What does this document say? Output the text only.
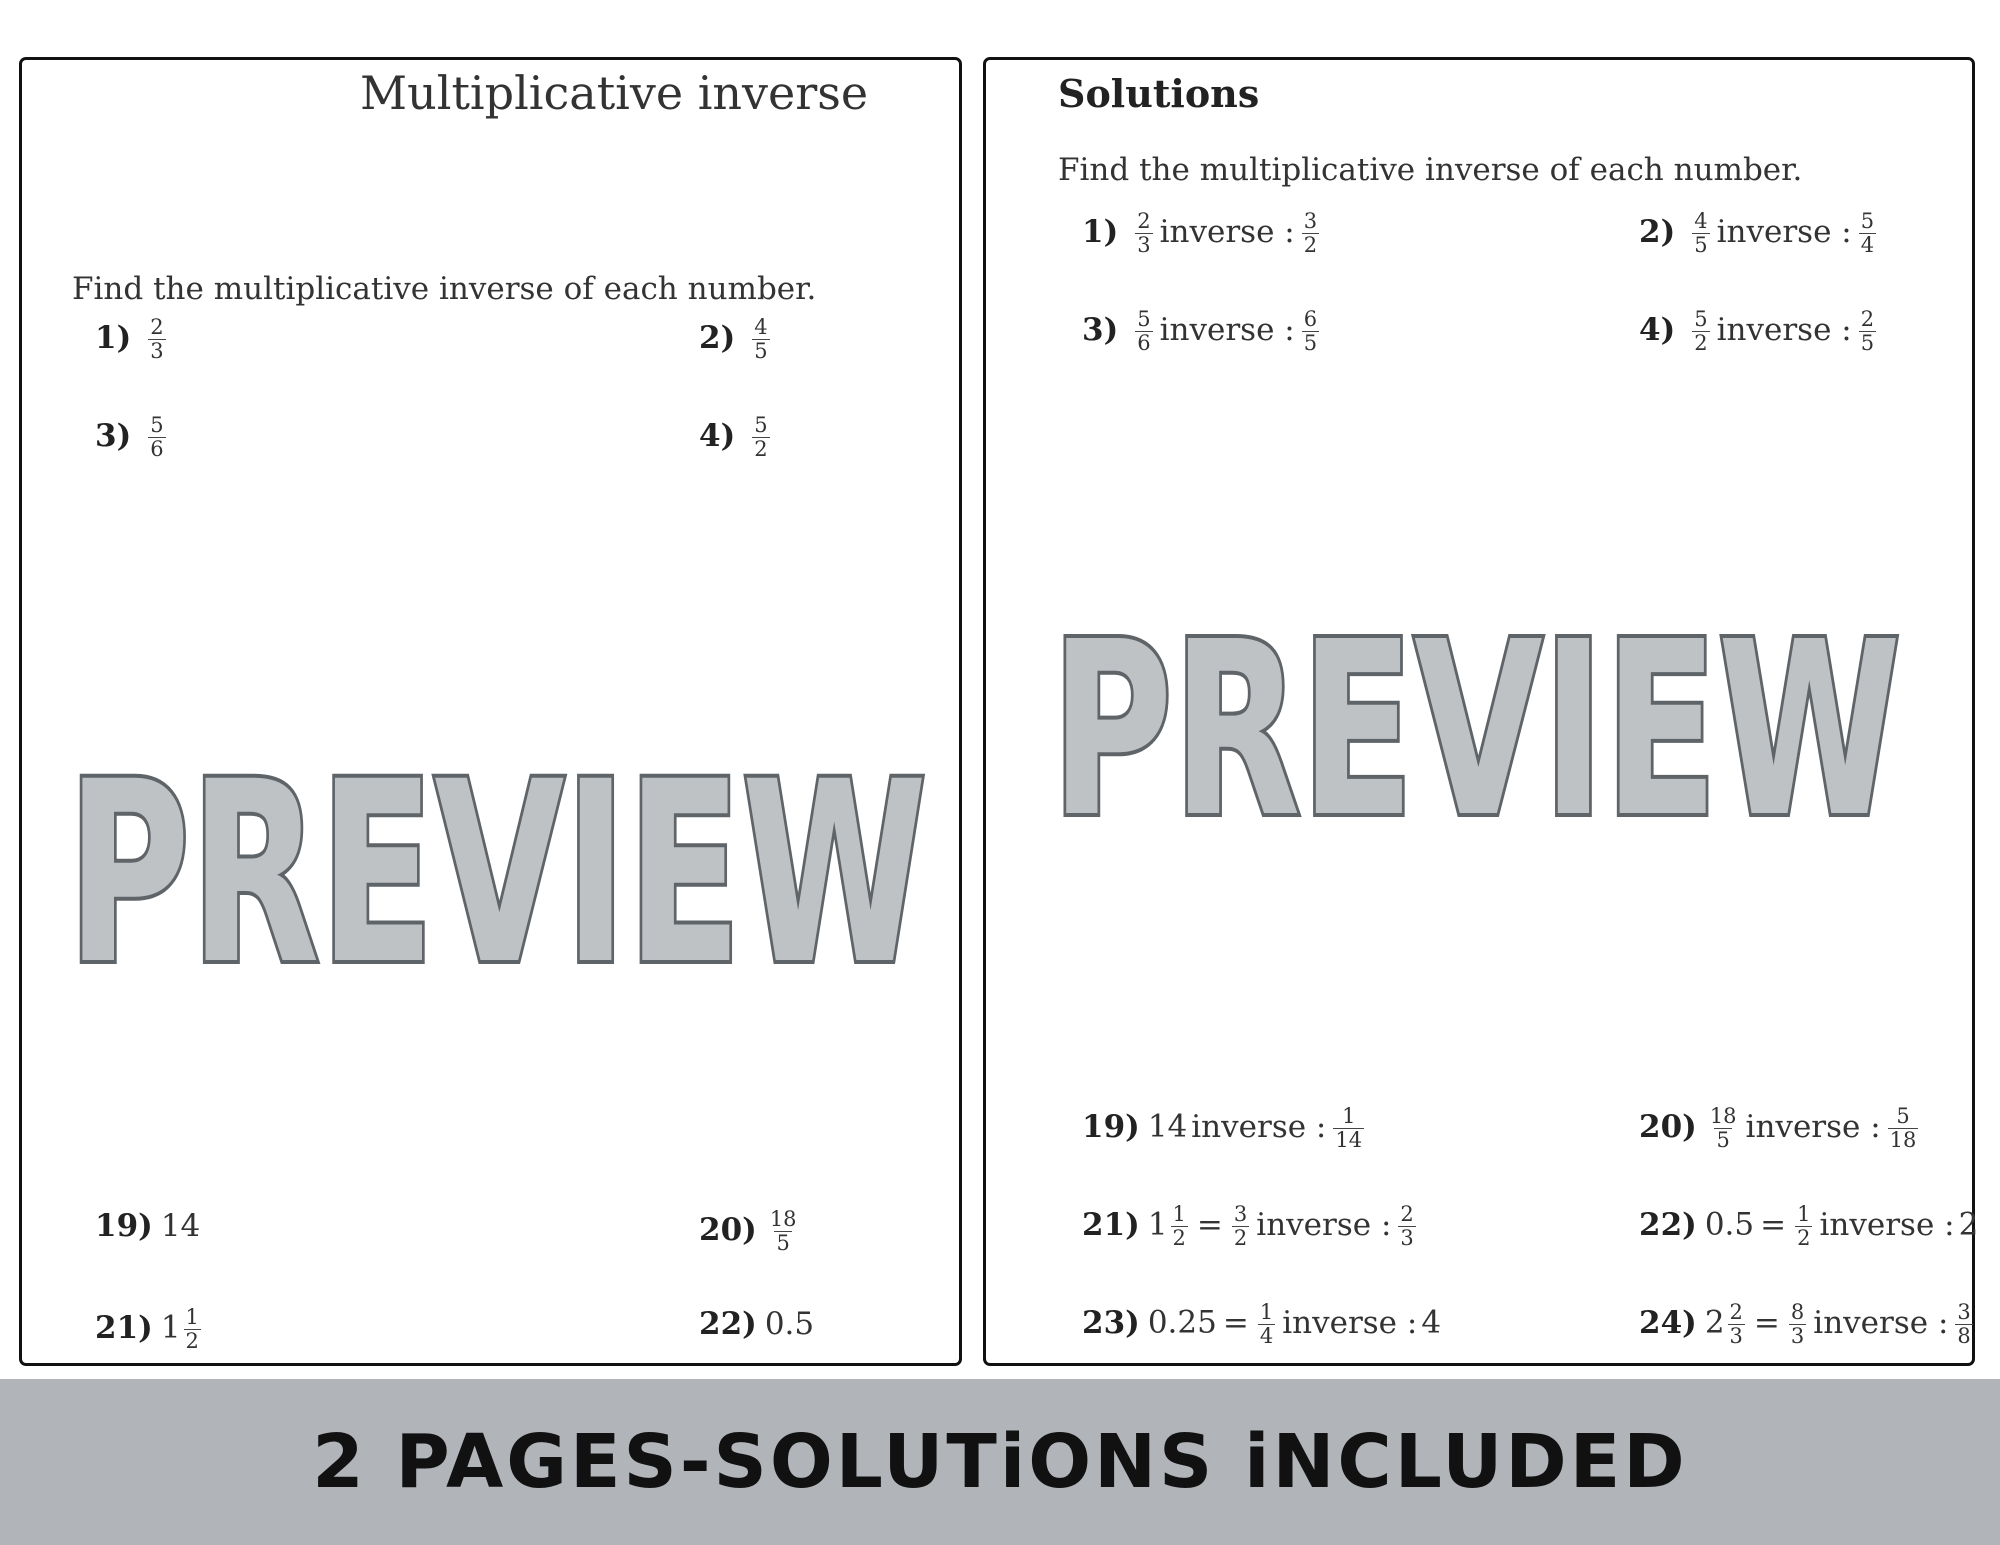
Multiplicative inverse
Find the multiplicative inverse of each number.
$1) \frac{2}{3}$	$2) \frac{4}{5}$
$3) \frac{5}{6}$	$4) \frac{5}{2}$
19) 14	$20) \frac{18}{5}$
21) $1 \frac{1}{2}$	22) 0.5
PREVIEW
Solutions
Find the multiplicative inverse of each number.
$1) \frac{2}{3}$ inverse : $\frac{3}{2}$	$2) \frac{4}{5}$ inverse : $\frac{5}{4}$
$3) \frac{5}{6}$ inverse : $\frac{6}{5}$	$4) \frac{5}{2}$ inverse : $\frac{2}{5}$
19) 14 inverse : $\frac{1}{14}$	$20) \frac{18}{5}$ inverse : $\frac{5}{18}$
21) $1 \frac{1}{2} = \frac{3}{2}$ inverse : $\frac{2}{3}$	22) $0.5 = \frac{1}{2}$ inverse : 2
23) $0.25 = \frac{1}{4}$ inverse : 4	24) $2 \frac{2}{3} = \frac{8}{3}$ inverse : $\frac{3}{8}$
PREVIEW
2 PAGES-SOLUTiONS iNCLUDED
